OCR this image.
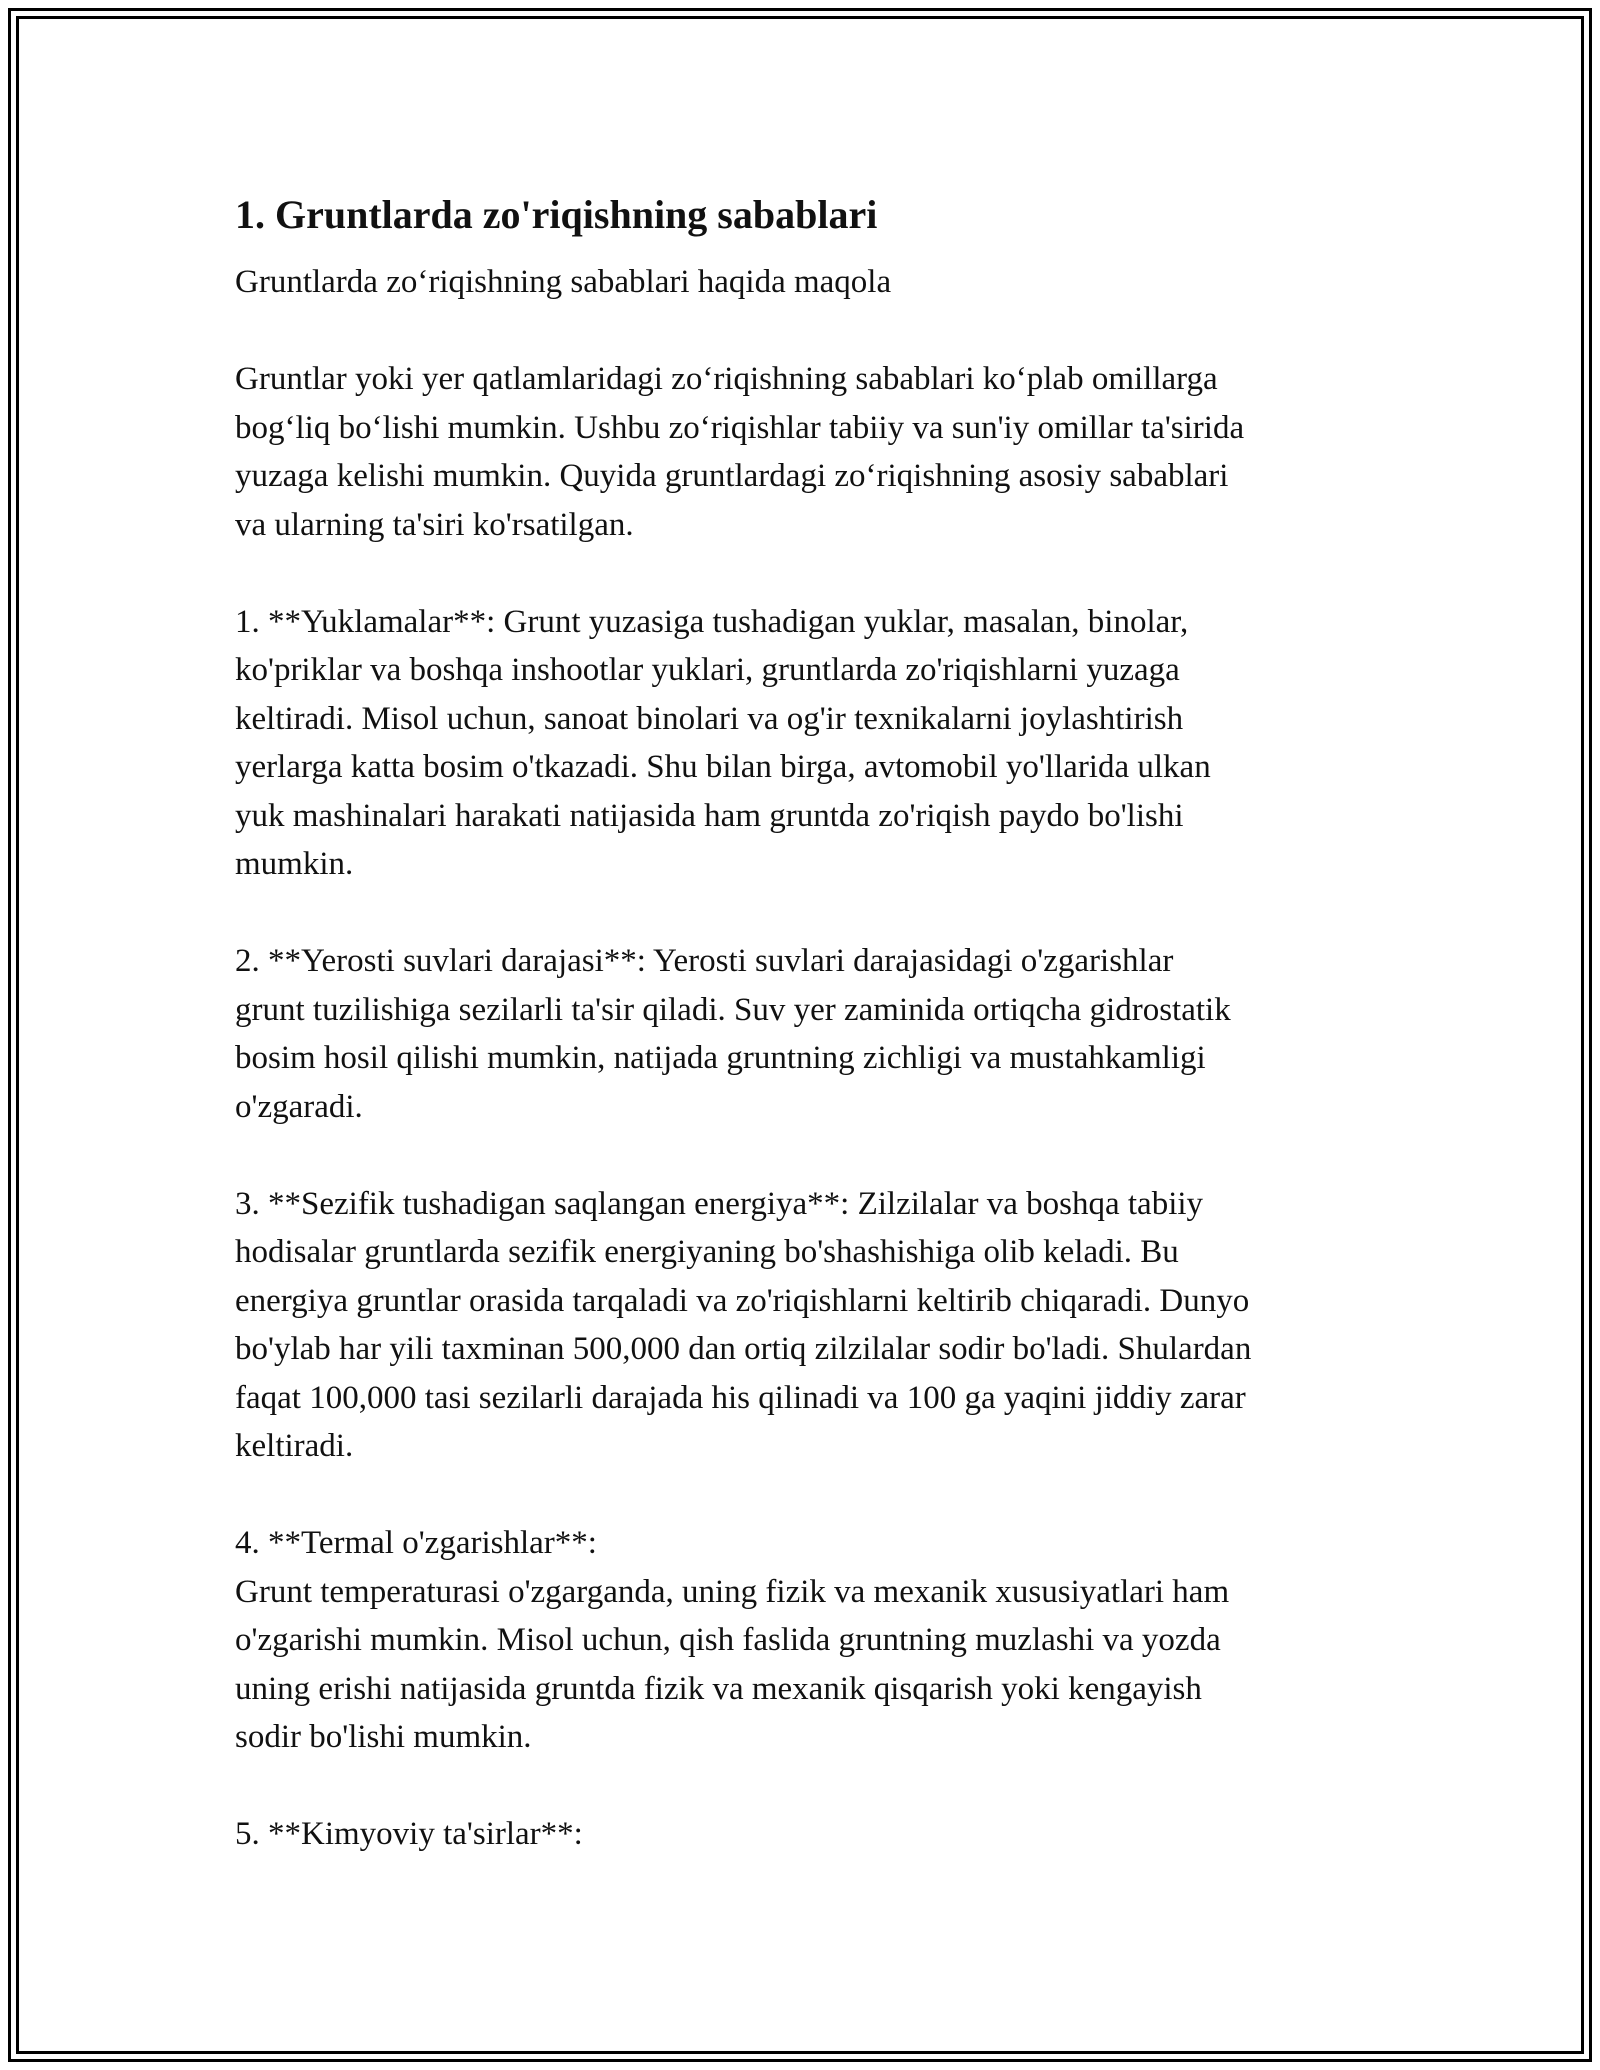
1. Gruntlarda zo'riqishning sabablari

Gruntlarda zo‘riqishning sabablari haqida maqola

Gruntlar yoki yer qatlamlaridagi zo‘riqishning sabablari ko‘plab omillarga
bog‘liq bo‘lishi mumkin. Ushbu zo‘riqishlar tabiiy va sun'iy omillar ta'sirida
yuzaga kelishi mumkin. Quyida gruntlardagi zo‘riqishning asosiy sabablari
va ularning ta'siri ko'rsatilgan.

1. **Yuklamalar**: Grunt yuzasiga tushadigan yuklar, masalan, binolar,
ko'priklar va boshqa inshootlar yuklari, gruntlarda zo'riqishlarni yuzaga
keltiradi. Misol uchun, sanoat binolari va og'ir texnikalarni joylashtirish
yerlarga katta bosim o'tkazadi. Shu bilan birga, avtomobil yo'llarida ulkan
yuk mashinalari harakati natijasida ham gruntda zo'riqish paydo bo'lishi
mumkin.

2. **Yerosti suvlari darajasi**: Yerosti suvlari darajasidagi o'zgarishlar
grunt tuzilishiga sezilarli ta'sir qiladi. Suv yer zaminida ortiqcha gidrostatik
bosim hosil qilishi mumkin, natijada gruntning zichligi va mustahkamligi
o'zgaradi.

3. **Sezifik tushadigan saqlangan energiya**: Zilzilalar va boshqa tabiiy
hodisalar gruntlarda sezifik energiyaning bo'shashishiga olib keladi. Bu
energiya gruntlar orasida tarqaladi va zo'riqishlarni keltirib chiqaradi. Dunyo
bo'ylab har yili taxminan 500,000 dan ortiq zilzilalar sodir bo'ladi. Shulardan
faqat 100,000 tasi sezilarli darajada his qilinadi va 100 ga yaqini jiddiy zarar
keltiradi.

4. **Termal o'zgarishlar**:
Grunt temperaturasi o'zgarganda, uning fizik va mexanik xususiyatlari ham
o'zgarishi mumkin. Misol uchun, qish faslida gruntning muzlashi va yozda
uning erishi natijasida gruntda fizik va mexanik qisqarish yoki kengayish
sodir bo'lishi mumkin.

5. **Kimyoviy ta'sirlar**:
